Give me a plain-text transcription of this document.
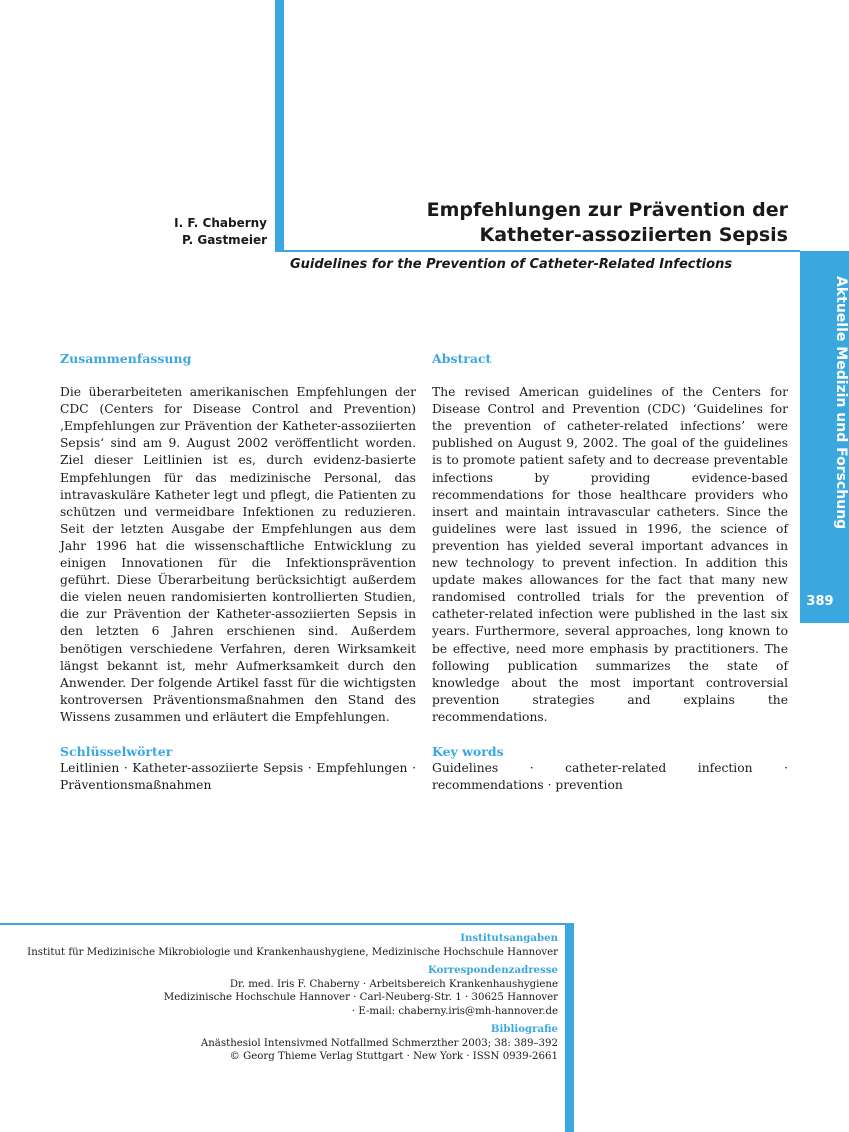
Aktuelle Medizin und Forschung
389
I. F. Chaberny
P. Gastmeier
Empfehlungen zur Prävention der
Katheter-assoziierten Sepsis
Guidelines for the Prevention of Catheter-Related Infections

Zusammenfassung

Die überarbeiteten amerikanischen Empfehlungen der CDC (Centers for Disease Control and Prevention) ‚Empfehlungen zur Prävention der Katheter-assoziierten Sepsis‘ sind am 9. August 2002 veröffentlicht worden. Ziel dieser Leitlinien ist es, durch evidenz-basierte Empfehlungen für das medizinische Personal, das intravaskuläre Katheter legt und pflegt, die Patienten zu schützen und vermeidbare Infektionen zu reduzieren. Seit der letzten Ausgabe der Empfehlungen aus dem Jahr 1996 hat die wissenschaftliche Entwicklung zu einigen Innovationen für die Infektionsprävention geführt. Diese Überarbeitung berücksichtigt außerdem die vielen neuen randomisierten kontrollierten Studien, die zur Prävention der Katheter-assoziierten Sepsis in den letzten 6 Jahren erschienen sind. Außerdem benötigen verschiedene Verfahren, deren Wirksamkeit längst bekannt ist, mehr Aufmerksamkeit durch den Anwender. Der folgende Artikel fasst für die wichtigsten kontroversen Präventionsmaßnahmen den Stand des Wissens zusammen und erläutert die Empfehlungen.

Schlüsselwörter

Leitlinien · Katheter-assoziierte Sepsis · Empfehlungen · Präventionsmaßnahmen

Abstract

The revised American guidelines of the Centers for Disease Control and Prevention (CDC) ‘Guidelines for the prevention of catheter-related infections’ were published on August 9, 2002. The goal of the guidelines is to promote patient safety and to decrease preventable infections by providing evidence-based recommendations for those healthcare providers who insert and maintain intravascular catheters. Since the guidelines were last issued in 1996, the science of prevention has yielded several important advances in new technology to prevent infection. In addition this update makes allowances for the fact that many new randomised controlled trials for the prevention of catheter-related infection were published in the last six years. Furthermore, several approaches, long known to be effective, need more emphasis by practitioners. The following publication summarizes the state of knowledge about the most important controversial prevention strategies and explains the recommendations.

Key words

Guidelines · catheter-related infection · recommendations · prevention

Institutsangaben
Institut für Medizinische Mikrobiologie und Krankenhaushygiene, Medizinische Hochschule Hannover
Korrespondenzadresse
Dr. med. Iris F. Chaberny · Arbeitsbereich Krankenhaushygiene
Medizinische Hochschule Hannover · Carl-Neuberg-Str. 1 · 30625 Hannover
· E-mail: chaberny.iris@mh-hannover.de
Bibliografie
Anästhesiol Intensivmed Notfallmed Schmerzther 2003; 38: 389–392
© Georg Thieme Verlag Stuttgart · New York · ISSN 0939-2661
